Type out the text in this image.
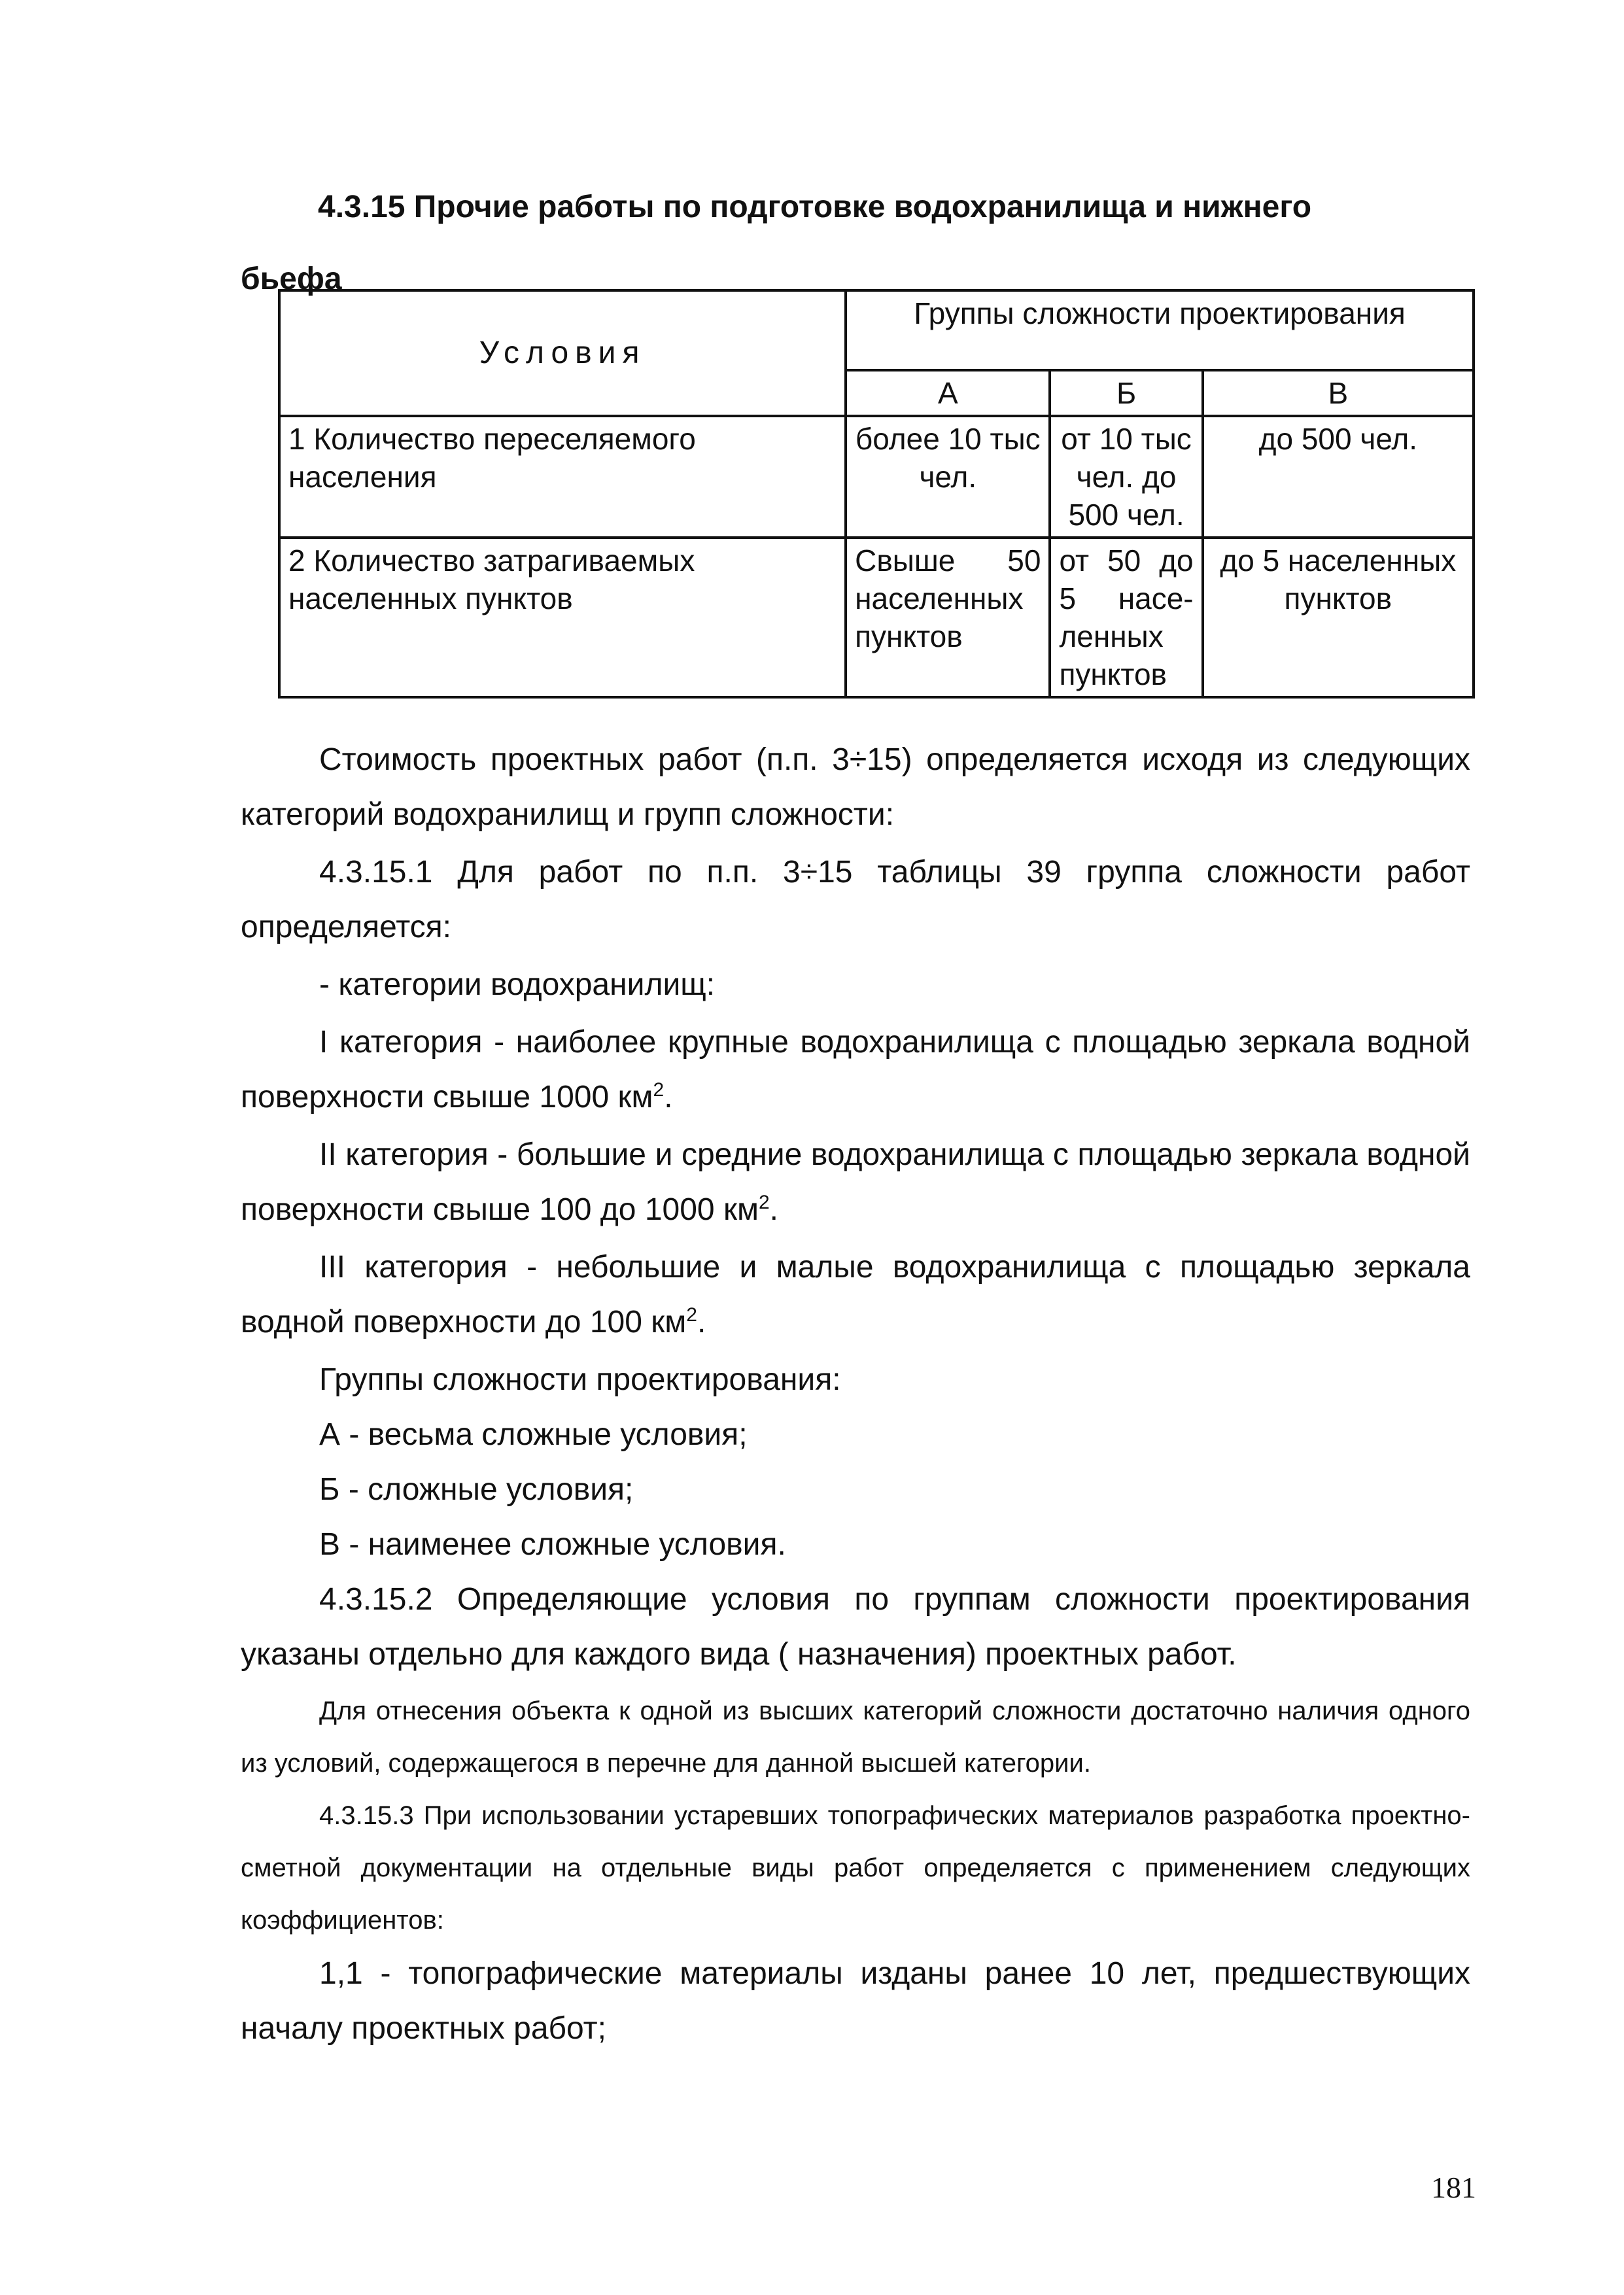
4.3.15 Прочие работы по подготовке водохранилища и нижнего
бьефа
Условия	Группы сложности проектирования		
	А	Б	В
1 Количество переселяемого населения	более 10 тыс чел.	от 10 тыс чел. до 500 чел.	до 500 чел.
2 Количество затрагиваемых населенных пунктов	Свыше 50 населенных пунктов	от 50 до 5 насе-ленных пунктов	до 5 населенных пунктов

Стоимость проектных работ (п.п. 3÷15) определяется исходя из следующих категорий водохранилищ и групп сложности:

4.3.15.1 Для работ по п.п. 3÷15 таблицы 39 группа сложности работ определяется:

- категории водохранилищ:

I категория - наиболее крупные водохранилища с площадью зеркала водной поверхности свыше 1000 $км^2$.

II категория - большие и средние водохранилища с площадью зеркала водной поверхности свыше 100 до 1000 $км^2$.

III категория - небольшие и малые водохранилища с площадью зеркала водной поверхности до 100 $км^2$.

Группы сложности проектирования:

А - весьма сложные условия;

Б - сложные условия;

В - наименее сложные условия.

4.3.15.2 Определяющие условия по группам сложности проектирования указаны отдельно для каждого вида ( назначения) проектных работ.

Для отнесения объекта к одной из высших категорий сложности достаточно наличия одного из условий, содержащегося в перечне для данной высшей категории.

4.3.15.3 При использовании устаревших топографических материалов разработка проектно-сметной документации на отдельные виды работ определяется с применением следующих коэффициентов:

1,1 - топографические материалы изданы ранее 10 лет, предшествующих началу проектных работ;

181
